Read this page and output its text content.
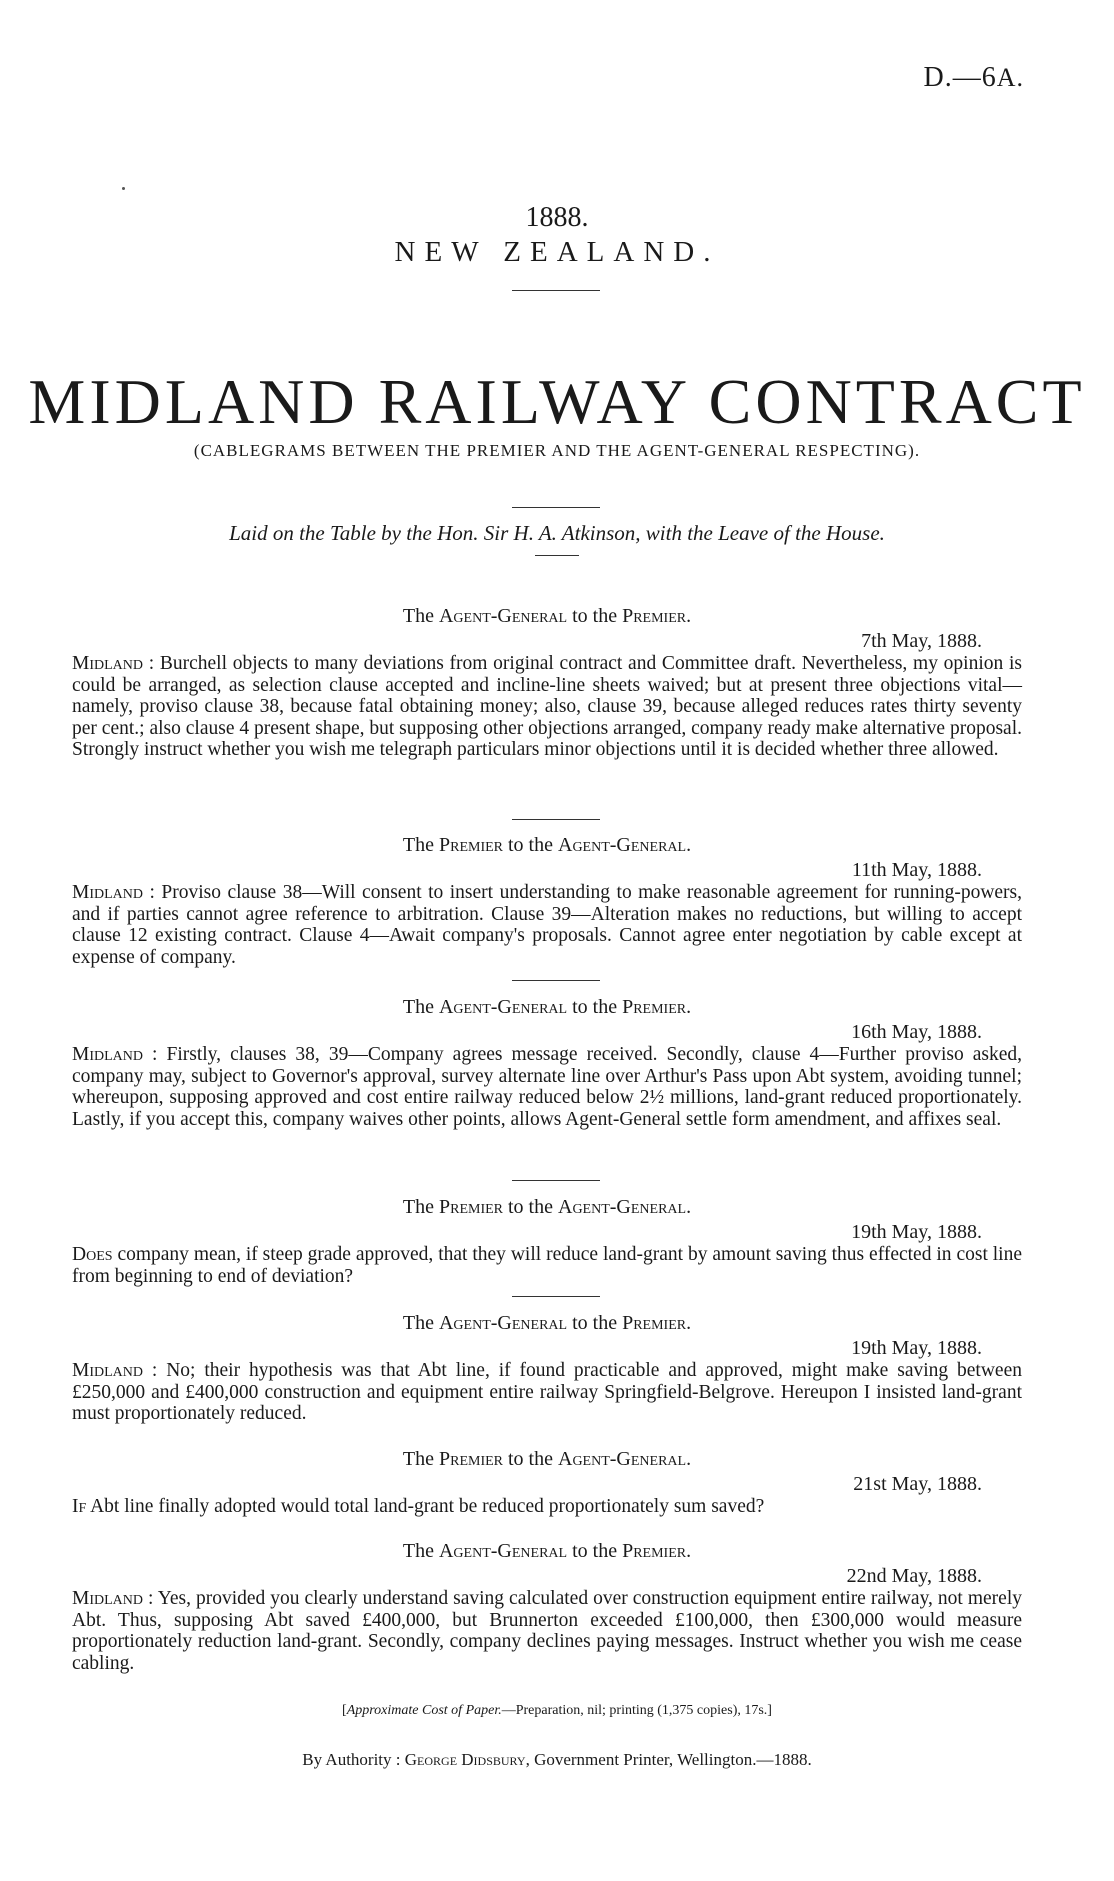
D.—6A.
1888.
NEW ZEALAND.
MIDLAND RAILWAY CONTRACT
(CABLEGRAMS BETWEEN THE PREMIER AND THE AGENT-GENERAL RESPECTING).
Laid on the Table by the Hon. Sir H. A. Atkinson, with the Leave of the House.
The Agent-General to the Premier.
7th May, 1888.
Midland : Burchell objects to many deviations from original contract and Committee draft. Nevertheless, my opinion is could be arranged, as selection clause accepted and incline-line sheets waived; but at present three objections vital—namely, proviso clause 38, because fatal obtaining money; also, clause 39, because alleged reduces rates thirty seventy per cent.; also clause 4 present shape, but supposing other objections arranged, company ready make alternative proposal. Strongly instruct whether you wish me telegraph particulars minor objections until it is decided whether three allowed.
The Premier to the Agent-General.
11th May, 1888.
Midland : Proviso clause 38—Will consent to insert understanding to make reasonable agreement for running-powers, and if parties cannot agree reference to arbitration. Clause 39—Alteration makes no reductions, but willing to accept clause 12 existing contract. Clause 4—Await company's proposals. Cannot agree enter negotiation by cable except at expense of company.
The Agent-General to the Premier.
16th May, 1888.
Midland : Firstly, clauses 38, 39—Company agrees message received. Secondly, clause 4—Further proviso asked, company may, subject to Governor's approval, survey alternate line over Arthur's Pass upon Abt system, avoiding tunnel; whereupon, supposing approved and cost entire railway reduced below 2½ millions, land-grant reduced proportionately. Lastly, if you accept this, company waives other points, allows Agent-General settle form amendment, and affixes seal.
The Premier to the Agent-General.
19th May, 1888.
Does company mean, if steep grade approved, that they will reduce land-grant by amount saving thus effected in cost line from beginning to end of deviation?
The Agent-General to the Premier.
19th May, 1888.
Midland : No; their hypothesis was that Abt line, if found practicable and approved, might make saving between £250,000 and £400,000 construction and equipment entire railway Springfield-Belgrove. Hereupon I insisted land-grant must proportionately reduced.
The Premier to the Agent-General.
21st May, 1888.
If Abt line finally adopted would total land-grant be reduced proportionately sum saved?
The Agent-General to the Premier.
22nd May, 1888.
Midland : Yes, provided you clearly understand saving calculated over construction equipment entire railway, not merely Abt. Thus, supposing Abt saved £400,000, but Brunnerton exceeded £100,000, then £300,000 would measure proportionately reduction land-grant. Secondly, company declines paying messages. Instruct whether you wish me cease cabling.
[Approximate Cost of Paper.—Preparation, nil; printing (1,375 copies), 17s.]
By Authority : George Didsbury, Government Printer, Wellington.—1888.
